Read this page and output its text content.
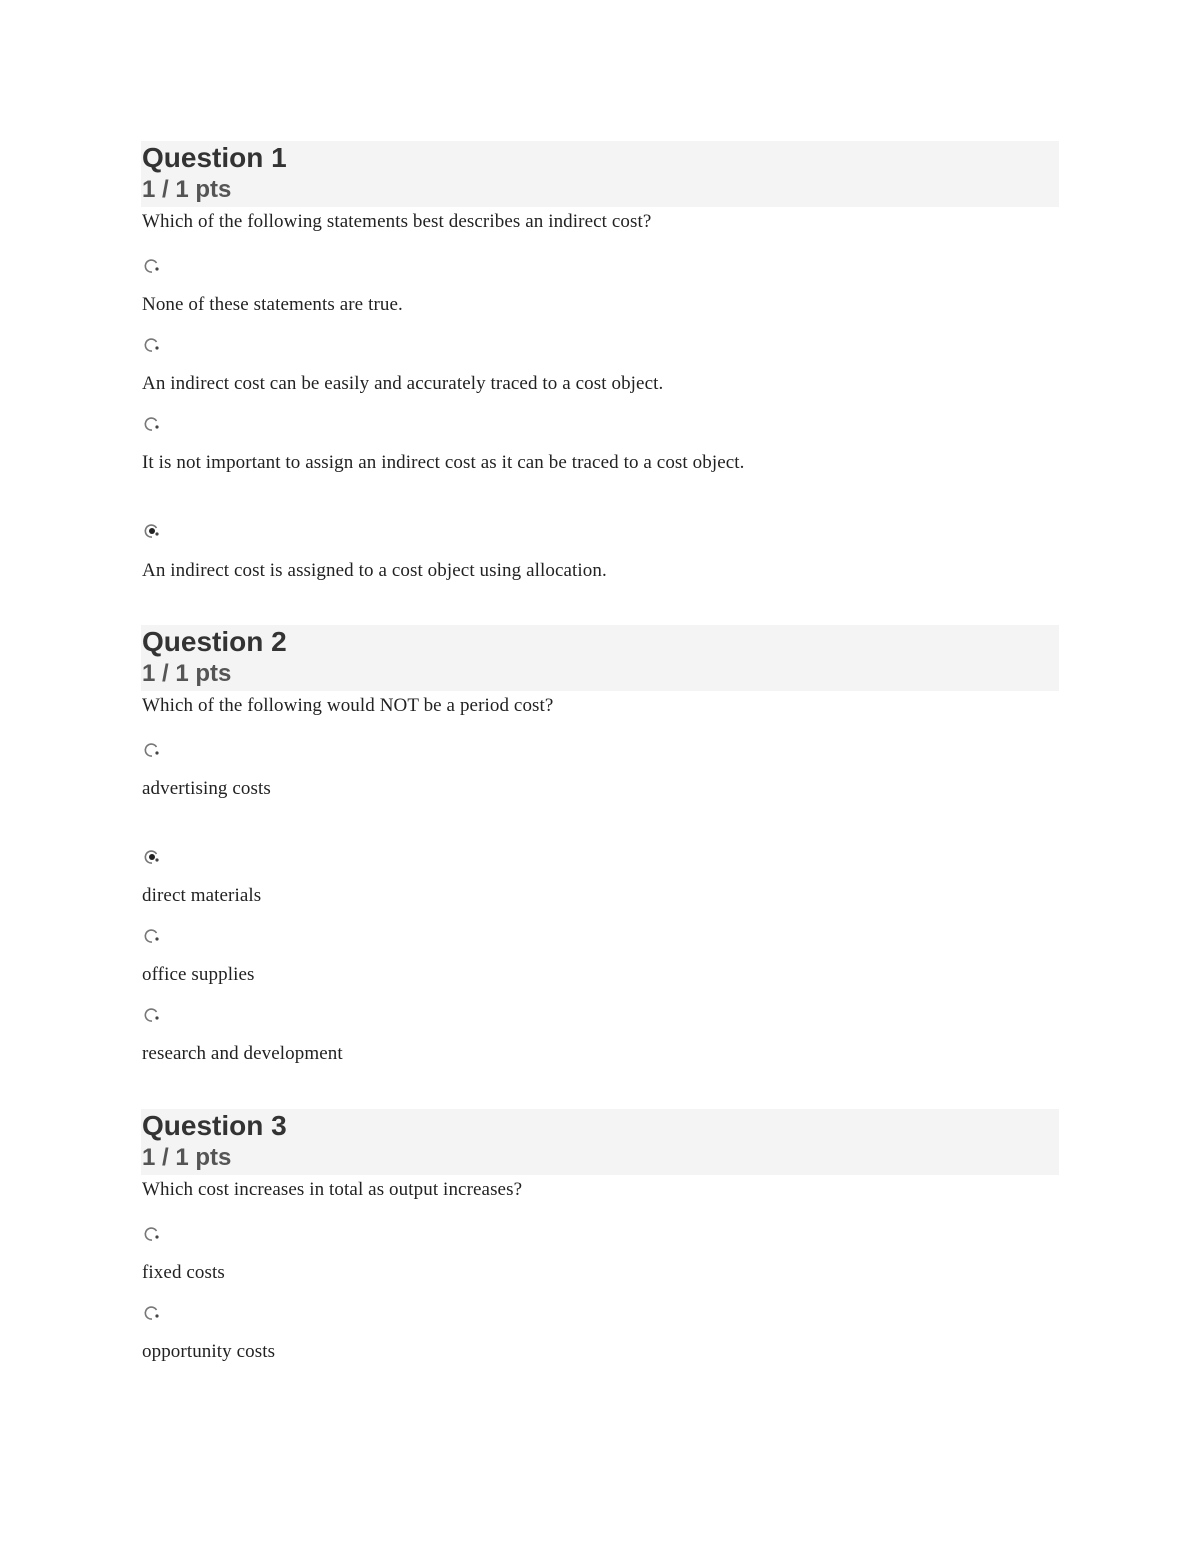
Question 1
1 / 1 pts
Which of the following statements best describes an indirect cost?
None of these statements are true.
An indirect cost can be easily and accurately traced to a cost object.
It is not important to assign an indirect cost as it can be traced to a cost object.
An indirect cost is assigned to a cost object using allocation.
Question 2
1 / 1 pts
Which of the following would NOT be a period cost?
advertising costs
direct materials
office supplies
research and development
Question 3
1 / 1 pts
Which cost increases in total as output increases?
fixed costs
opportunity costs
